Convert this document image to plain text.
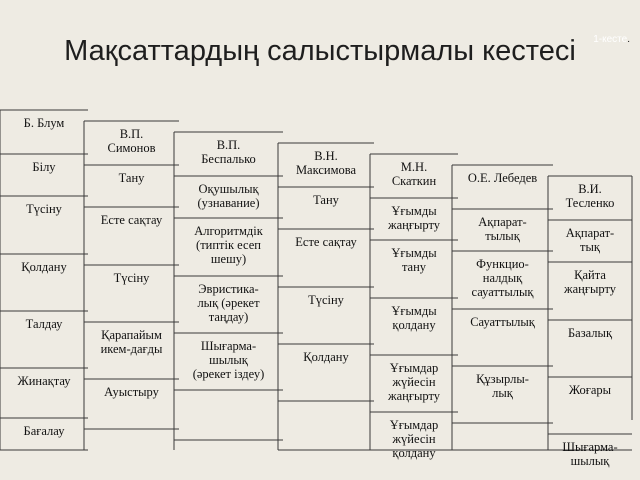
Мақсаттардың салыстырмалы кестесі	1-кесте.
Б. Блум
Білу
Түсіну
Қолдану
Талдау
Жинақтау
Бағалау
В.П.
Симонов
Тану
Есте сақтау
Түсіну
Қарапайым
икем-дағды
Ауыстыру
В.П.
Беспалько
Оқушылық
(узнавание)
Алгоритмдік
(типтік есеп
шешу)
Эвристика-
лық (әрекет
таңдау)
Шығарма-
шылық
(әрекет іздеу)
В.Н.
Максимова
Тану
Есте сақтау
Түсіну
Қолдану
М.Н.
Скаткин
Ұғымды
жаңғырту
Ұғымды
тану
Ұғымды
қолдану
Ұғымдар
жүйесін
жаңғырту
Ұғымдар
жүйесін
қолдану
О.Е. Лебедев
Ақпарат-
тылық
Функцио-
налдық
сауаттылық
Сауаттылық
Құзырлы-
лық
В.И.
Тесленко
Ақпарат-
тық
Қайта
жаңғырту
Базалық
Жоғары
Шығарма-
шылық
